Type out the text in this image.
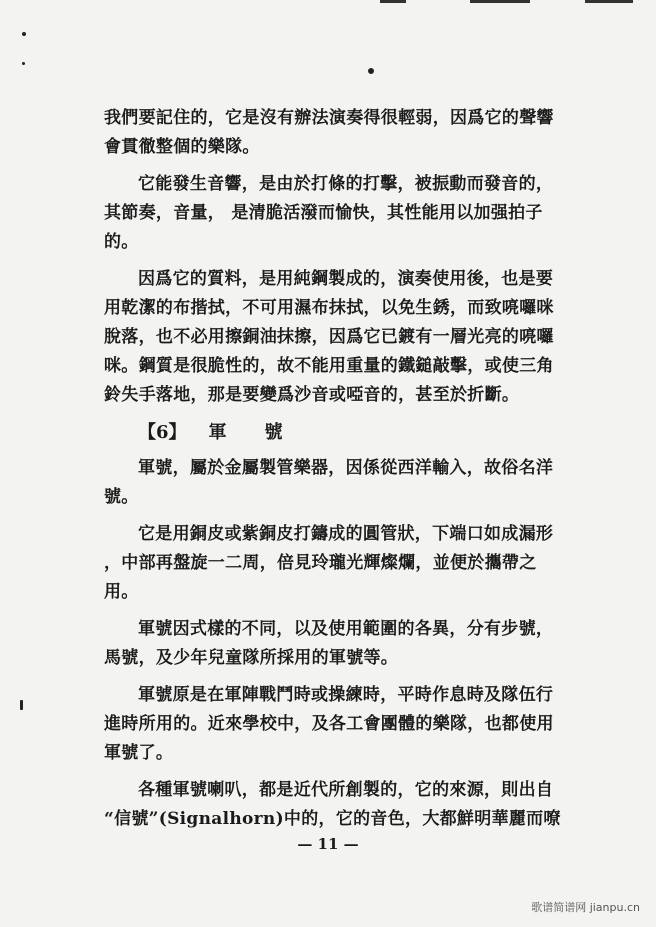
我們要記住的，它是沒有辦法演奏得很輕弱，因爲它的聲響

會貫徹整個的樂隊。

它能發生音響，是由於打條的打擊，被振動而發音的，

其節奏，音量， 是清脆活潑而愉快，其性能用以加强拍子

的。

因爲它的質料，是用純鋼製成的，演奏使用後，也是要

用乾潔的布揩拭，不可用濕布抹拭，以免生銹，而致喨囉咪

脫落，也不必用擦銅油抹擦，因爲它已鍍有一層光亮的喨囉

咪。鋼質是很脆性的，故不能用重量的鐵鎚敲擊，或使三角

鈴失手落地，那是要變爲沙音或啞音的，甚至於折斷。

【6】 軍 號

軍號，屬於金屬製管樂器，因係從西洋輸入，故俗名洋

號。

它是用銅皮或紫銅皮打鑄成的圓管狀，下端口如成漏形

，中部再盤旋一二周，倍見玲瓏光輝燦爛，並便於攜帶之

用。

軍號因式樣的不同，以及使用範圍的各異，分有步號，

馬號，及少年兒童隊所採用的軍號等。

軍號原是在軍陣戰鬥時或操練時，平時作息時及隊伍行

進時所用的。近來學校中，及各工會團體的樂隊，也都使用

軍號了。

各種軍號喇叭，都是近代所創製的，它的來源，則出自

“信號”(Signalhorn)中的，它的音色，大都鮮明華麗而嘹

— 11 —
歌谱简谱网 jianpu.cn
